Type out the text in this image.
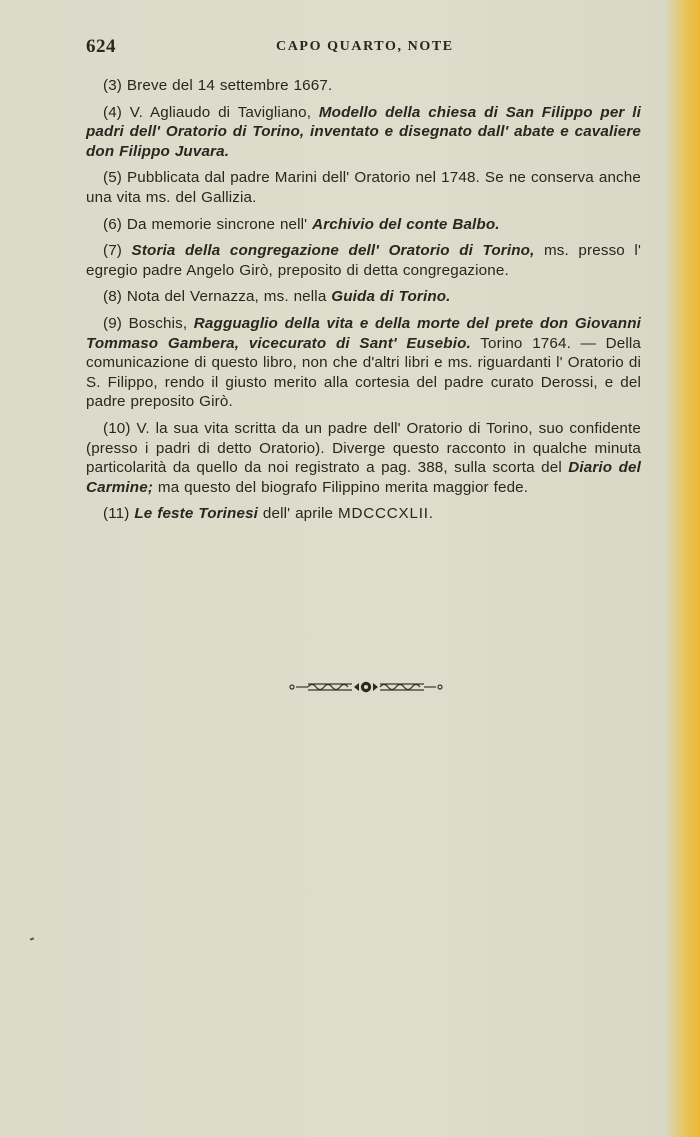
624	CAPO QUARTO, NOTE

(3) Breve del 14 settembre 1667.

(4) V. Agliaudo di Tavigliano, Modello della chiesa di San Filippo per li padri dell' Oratorio di Torino, inventato e disegnato dall' abate e cavaliere don Filippo Juvara.

(5) Pubblicata dal padre Marini dell' Oratorio nel 1748. Se ne conserva anche una vita ms. del Gallizia.

(6) Da memorie sincrone nell' Archivio del conte Balbo.

(7) Storia della congregazione dell' Oratorio di Torino, ms. presso l' egregio padre Angelo Girò, preposito di detta congregazione.

(8) Nota del Vernazza, ms. nella Guida di Torino.

(9) Boschis, Ragguaglio della vita e della morte del prete don Giovanni Tommaso Gambera, vicecurato di Sant' Eusebio. Torino 1764. — Della comunicazione di questo libro, non che d'altri libri e ms. riguardanti l' Oratorio di S. Filippo, rendo il giusto merito alla cortesia del padre curato Derossi, e del padre preposito Girò.

(10) V. la sua vita scritta da un padre dell' Oratorio di Torino, suo confidente (presso i padri di detto Oratorio). Diverge questo racconto in qualche minuta particolarità da quello da noi registrato a pag. 388, sulla scorta del Diario del Carmine; ma questo del biografo Filippino merita maggior fede.

(11) Le feste Torinesi dell' aprile MDCCCXLII.
